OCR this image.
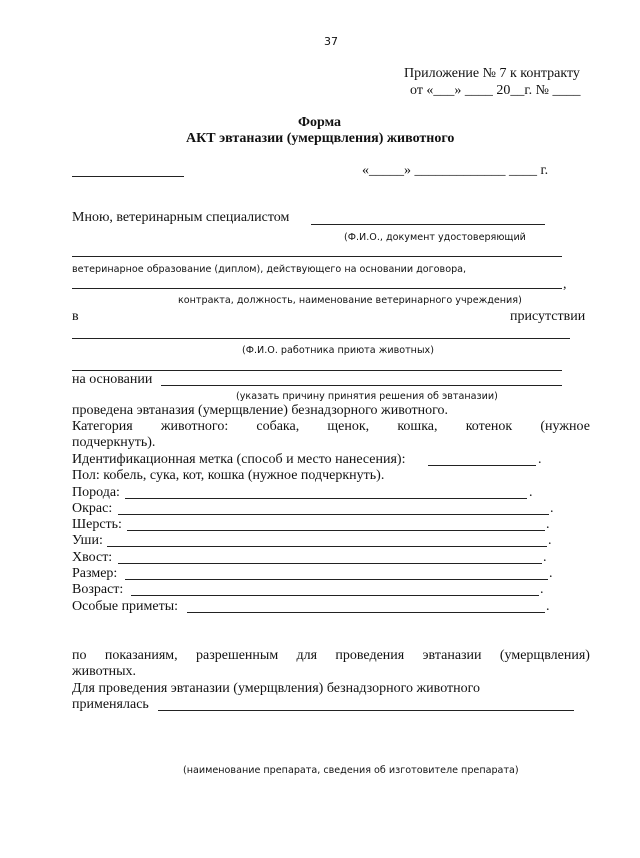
37
Приложение № 7 к контракту
от «___» ____ 20__г. № ____
Форма
АКТ эвтаназии (умерщвления) животного
«_____» _____________ ____ г.
Мною, ветеринарным специалистом
(Ф.И.О., документ удостоверяющий
ветеринарное образование (диплом), действующего на основании договора,
,
контракта, должность, наименование ветеринарного учреждения)
в	присутствии
(Ф.И.О. работника приюта животных)
на основании
(указать причину принятия решения об эвтаназии)
проведена эвтаназия (умерщвление) безнадзорного животного.
Категория животного: собака, щенок, кошка, котенок (нужное
подчеркнуть).
Идентификационная метка (способ и место нанесения):	.
Пол: кобель, сука, кот, кошка (нужное подчеркнуть).
Порода:	.
Окрас:	.
Шерсть:	.
Уши:	.
Хвост:	.
Размер:	.
Возраст:	.
Особые приметы:	.
по показаниям, разрешенным для проведения эвтаназии (умерщвления)
животных.
Для проведения эвтаназии (умерщвления) безнадзорного животного
применялась
(наименование препарата, сведения об изготовителе препарата)
